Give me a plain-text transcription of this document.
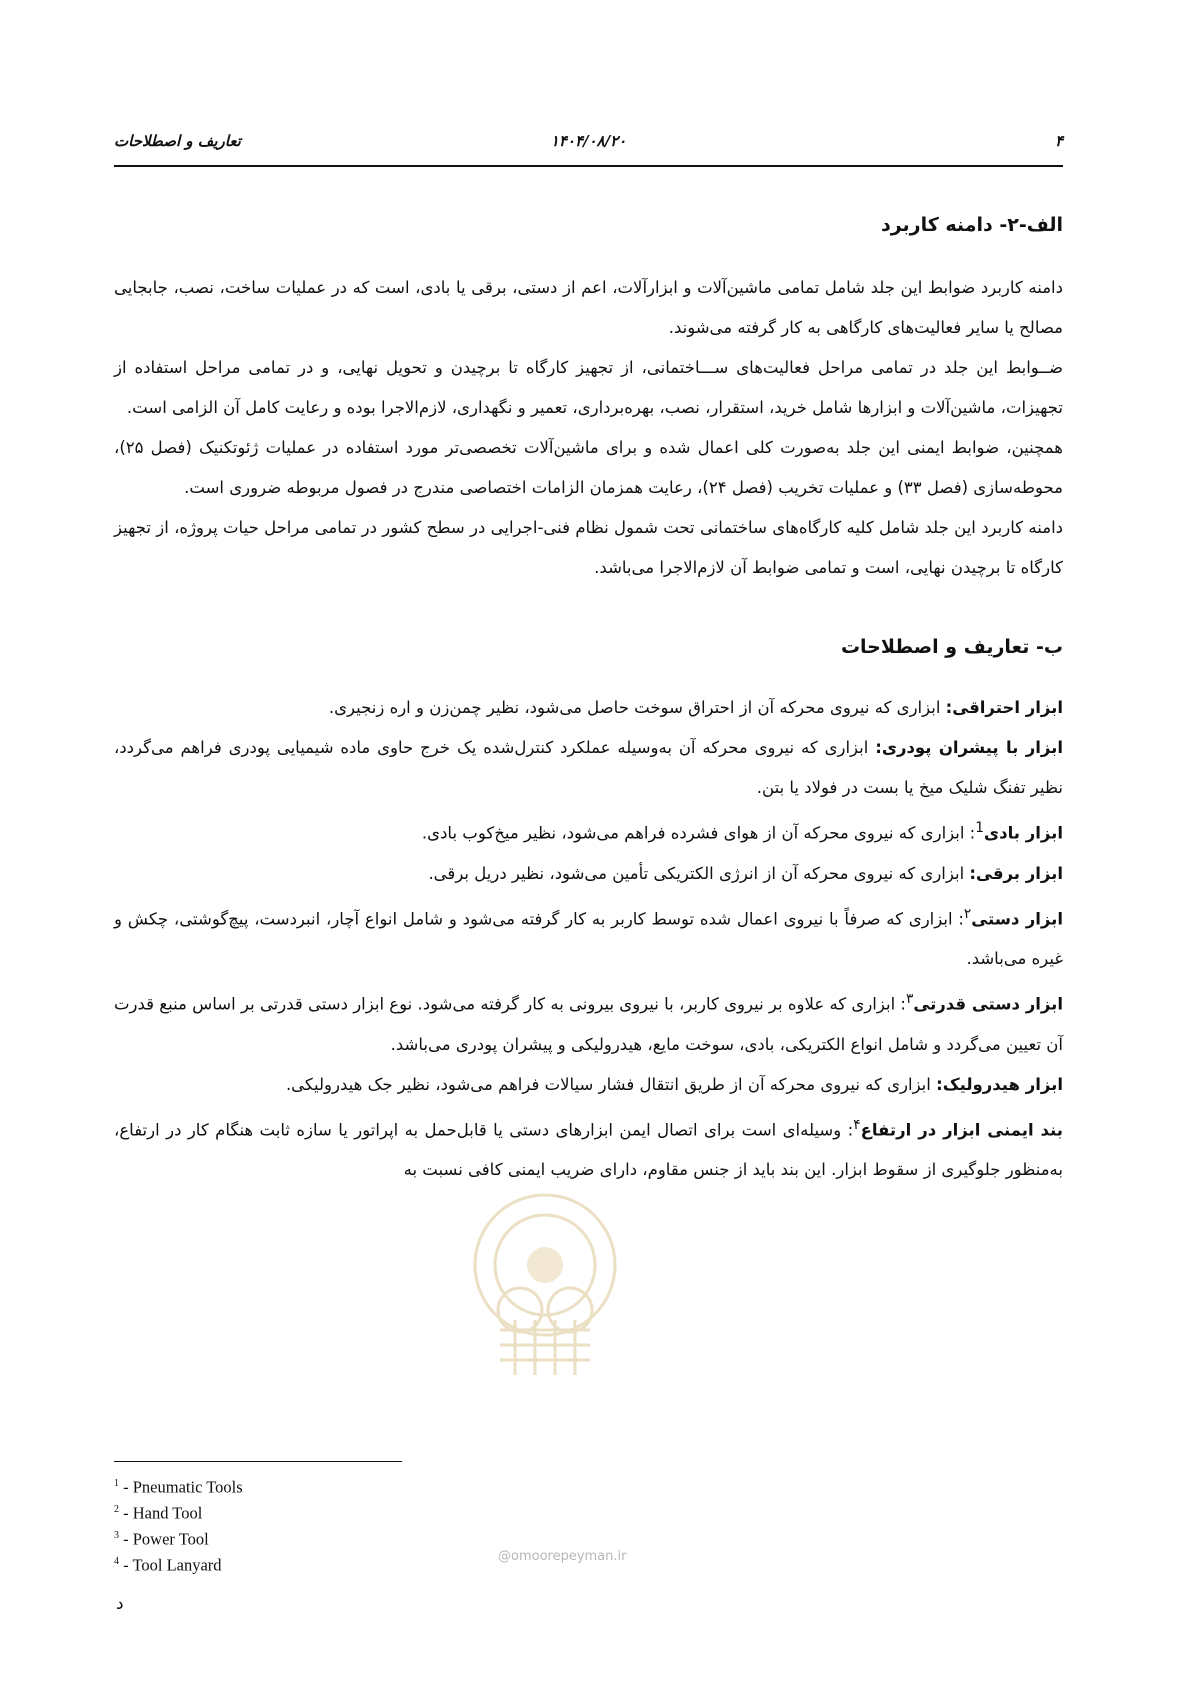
۴
۱۴۰۴/۰۸/۲۰
تعاریف و اصطلاحات
الف-۲- دامنه کاربرد

دامنه کاربرد ضوابط این جلد شامل تمامی ماشین‌آلات و ابزارآلات، اعم از دستی، برقی یا بادی، است که در عملیات ساخت، نصب، جابجایی مصالح یا سایر فعالیت‌های کارگاهی به کار گرفته می‌شوند.

ضــوابط این جلد در تمامی مراحل فعالیت‌های ســـاختمانی، از تجهیز کارگاه تا برچیدن و تحویل نهایی، و در تمامی مراحل استفاده از تجهیزات، ماشین‌آلات و ابزارها شامل خرید، استقرار، نصب، بهره‌برداری، تعمیر و نگهداری، لازم‌الاجرا بوده و رعایت کامل آن الزامی است.

همچنین، ضوابط ایمنی این جلد به‌صورت کلی اعمال شده و برای ماشین‌آلات تخصصی‌تر مورد استفاده در عملیات ژئوتکنیک (فصل ۲۵)، محوطه‌سازی (فصل ۳۳) و عملیات تخریب (فصل ۲۴)، رعایت همزمان الزامات اختصاصی مندرج در فصول مربوطه ضروری است.

دامنه کاربرد این جلد شامل کلیه کارگاه‌های ساختمانی تحت شمول نظام فنی-اجرایی در سطح کشور در تمامی مراحل حیات پروژه، از تجهیز کارگاه تا برچیدن نهایی، است و تمامی ضوابط آن لازم‌الاجرا می‌باشد.

ب- تعاریف و اصطلاحات

ابزار احتراقی: ابزاری که نیروی محرکه آن از احتراق سوخت حاصل می‌شود، نظیر چمن‌زن و اره زنجیری.

ابزار با پیشران پودری: ابزاری که نیروی محرکه آن به‌وسیله عملکرد کنترل‌شده یک خرج حاوی ماده شیمیایی پودری فراهم می‌گردد، نظیر تفنگ شلیک میخ یا بست در فولاد یا بتن.

ابزار بادی$^1$: ابزاری که نیروی محرکه آن از هوای فشرده فراهم می‌شود، نظیر میخ‌کوب بادی.

ابزار برقی: ابزاری که نیروی محرکه آن از انرژی الکتریکی تأمین می‌شود، نظیر دریل برقی.

ابزار دستی$^۲$: ابزاری که صرفاً با نیروی اعمال شده توسط کاربر به کار گرفته می‌شود و شامل انواع آچار، انبردست، پیچ‌گوشتی، چکش و غیره می‌باشد.

ابزار دستی قدرتی$^۳$: ابزاری که علاوه بر نیروی کاربر، با نیروی بیرونی به کار گرفته می‌شود. نوع ابزار دستی قدرتی بر اساس منبع قدرت آن تعیین می‌گردد و شامل انواع الکتریکی، بادی، سوخت مایع، هیدرولیکی و پیشران پودری می‌باشد.

ابزار هیدرولیک: ابزاری که نیروی محرکه آن از طریق انتقال فشار سیالات فراهم می‌شود، نظیر جک هیدرولیکی.

بند ایمنی ابزار در ارتفاع$^۴$: وسیله‌ای است برای اتصال ایمن ابزارهای دستی یا قابل‌حمل به اپراتور یا سازه ثابت هنگام کار در ارتفاع، به‌منظور جلوگیری از سقوط ابزار. این بند باید از جنس مقاوم، دارای ضریب ایمنی کافی نسبت به

@omoorepeyman.ir
$^1$ - Pneumatic Tools
$^2$ - Hand Tool
$^3$ - Power Tool
$^4$ - Tool Lanyard
د
